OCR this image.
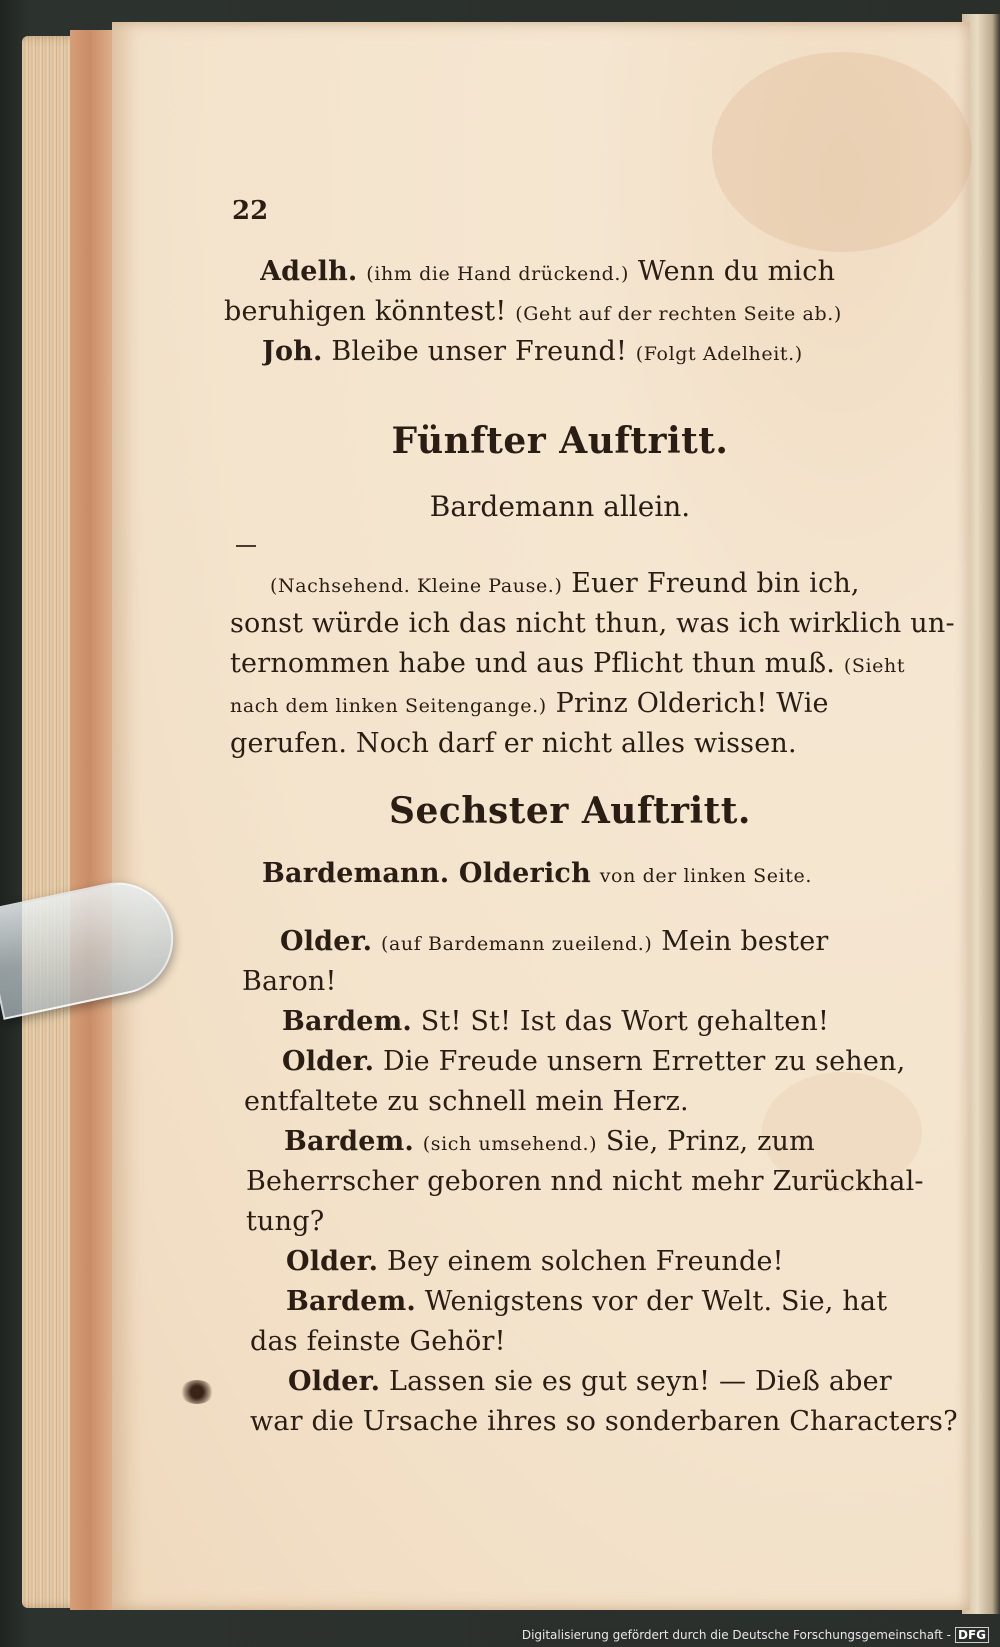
22
Adelh. (ihm die Hand drückend.) Wenn du mich
beruhigen könntest! (Geht auf der rechten Seite ab.)
Joh. Bleibe unser Freund! (Folgt Adelheit.)
Fünfter Auftritt.
Bardemann allein.
(Nachsehend. Kleine Pause.) Euer Freund bin ich,
sonst würde ich das nicht thun, was ich wirklich un-
ternommen habe und aus Pflicht thun muß. (Sieht
nach dem linken Seitengange.) Prinz Olderich! Wie
gerufen. Noch darf er nicht alles wissen.
Sechster Auftritt.
Bardemann. Olderich von der linken Seite.
Older. (auf Bardemann zueilend.) Mein bester
Baron!
Bardem. St! St! Ist das Wort gehalten!
Older. Die Freude unsern Erretter zu sehen,
entfaltete zu schnell mein Herz.
Bardem. (sich umsehend.) Sie, Prinz, zum
Beherrscher geboren nnd nicht mehr Zurückhal-
tung?
Older. Bey einem solchen Freunde!
Bardem. Wenigstens vor der Welt. Sie, hat
das feinste Gehör!
Older. Lassen sie es gut seyn! — Dieß aber
war die Ursache ihres so sonderbaren Characters?
Digitalisierung gefördert durch die Deutsche Forschungsgemeinschaft - DFG
